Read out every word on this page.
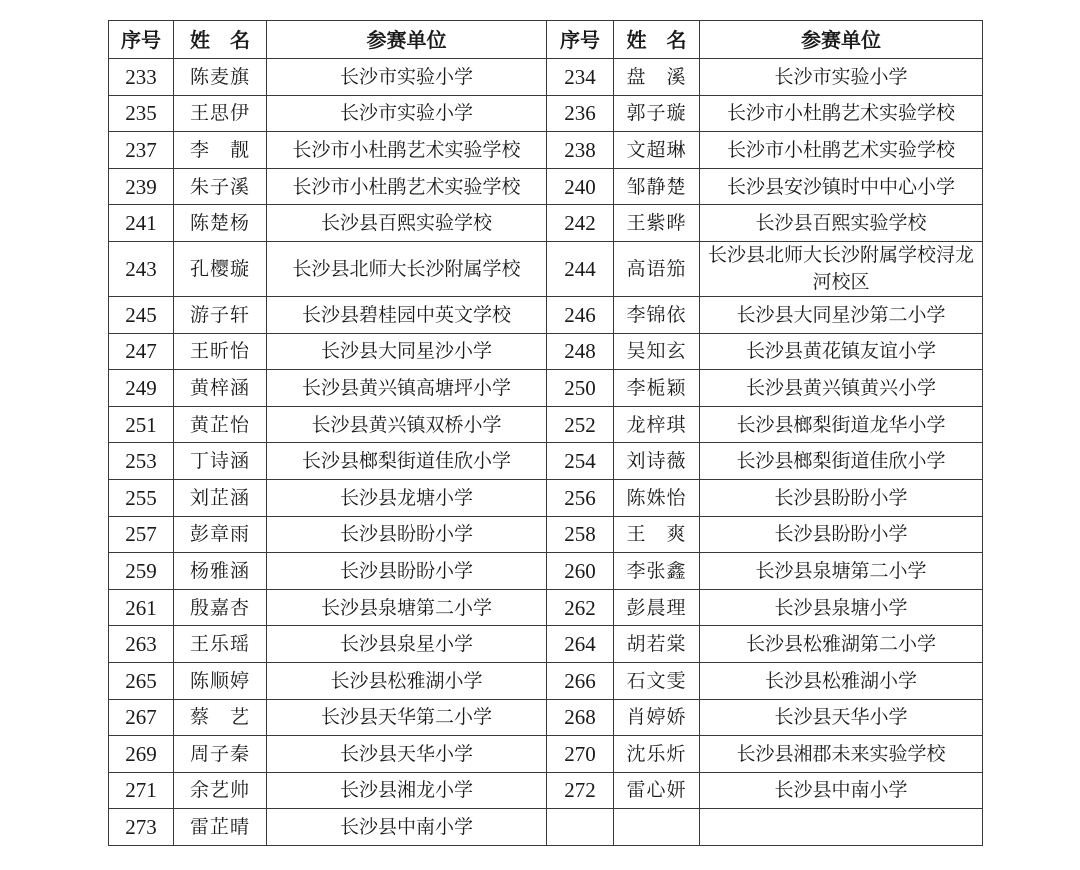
序号	姓　名	参赛单位	序号	姓　名	参赛单位
233	陈麦旗	长沙市实验小学	234	盘　溪	长沙市实验小学
235	王思伊	长沙市实验小学	236	郭子璇	长沙市小杜鹃艺术实验学校
237	李　靓	长沙市小杜鹃艺术实验学校	238	文超琳	长沙市小杜鹃艺术实验学校
239	朱子溪	长沙市小杜鹃艺术实验学校	240	邹静楚	长沙县安沙镇时中中心小学
241	陈楚杨	长沙县百熙实验学校	242	王紫晔	长沙县百熙实验学校
243	孔樱璇	长沙县北师大长沙附属学校	244	高语笳	长沙县北师大长沙附属学校浔龙河校区
245	游子轩	长沙县碧桂园中英文学校	246	李锦依	长沙县大同星沙第二小学
247	王昕怡	长沙县大同星沙小学	248	吴知玄	长沙县黄花镇友谊小学
249	黄梓涵	长沙县黄兴镇高塘坪小学	250	李栀颖	长沙县黄兴镇黄兴小学
251	黄芷怡	长沙县黄兴镇双桥小学	252	龙梓琪	长沙县榔梨街道龙华小学
253	丁诗涵	长沙县榔梨街道佳欣小学	254	刘诗薇	长沙县榔梨街道佳欣小学
255	刘芷涵	长沙县龙塘小学	256	陈姝怡	长沙县盼盼小学
257	彭章雨	长沙县盼盼小学	258	王　爽	长沙县盼盼小学
259	杨雅涵	长沙县盼盼小学	260	李张鑫	长沙县泉塘第二小学
261	殷嘉杏	长沙县泉塘第二小学	262	彭晨理	长沙县泉塘小学
263	王乐瑶	长沙县泉星小学	264	胡若棠	长沙县松雅湖第二小学
265	陈顺婷	长沙县松雅湖小学	266	石文雯	长沙县松雅湖小学
267	蔡　艺	长沙县天华第二小学	268	肖婷娇	长沙县天华小学
269	周子秦	长沙县天华小学	270	沈乐炘	长沙县湘郡未来实验学校
271	余艺帅	长沙县湘龙小学	272	雷心妍	长沙县中南小学
273	雷芷晴	长沙县中南小学			
